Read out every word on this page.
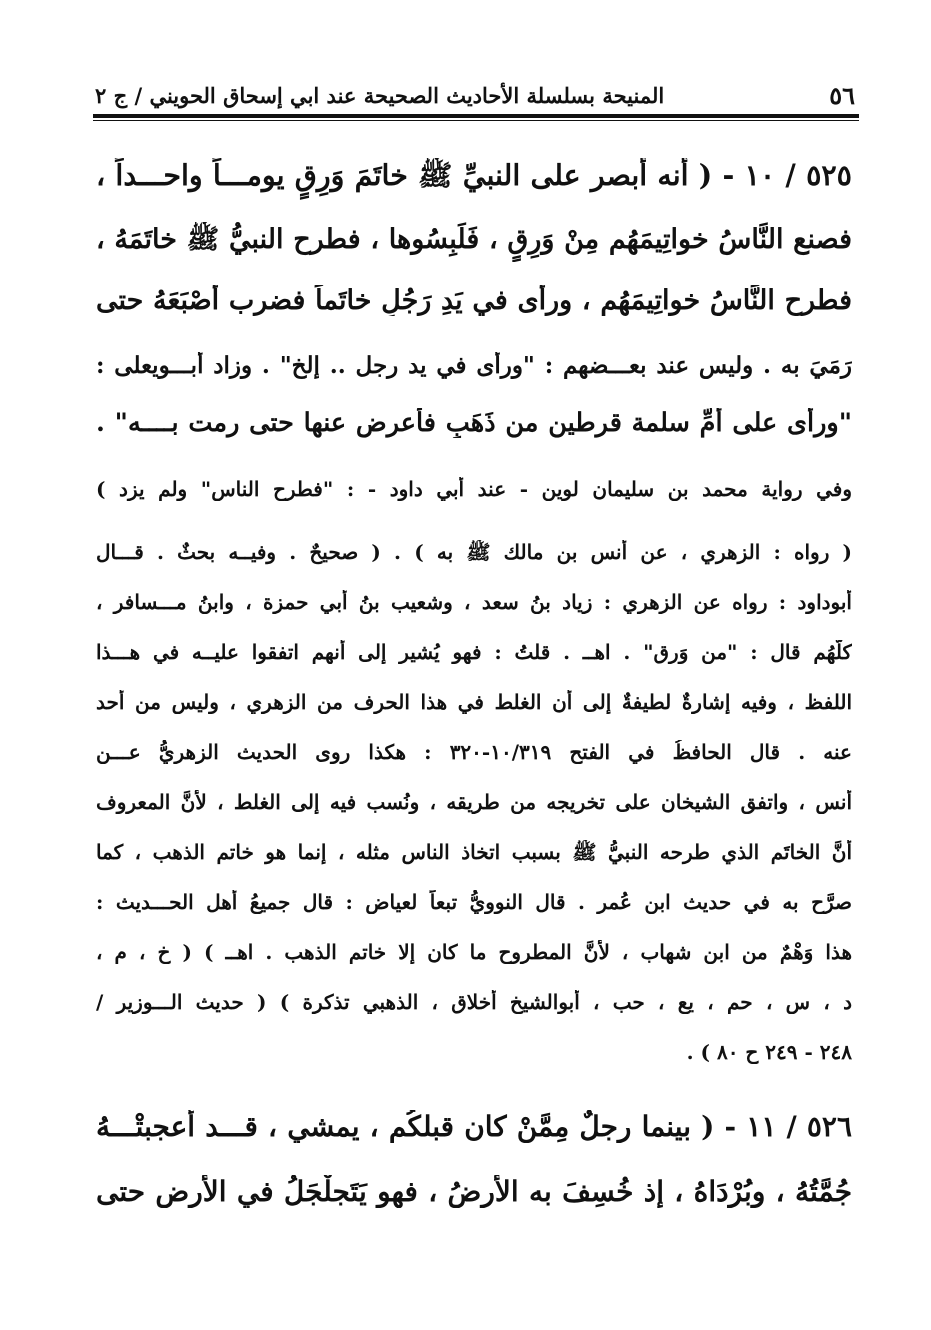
٥٦
المنيحة بسلسلة الأحاديث الصحيحة عند ابي إسحاق الحويني / ج ٢
٥٢٥ / ١٠ - ( أنه أبصر على النبيِّ ﷺ خاتَمَ وَرِقٍ يومـــاً واحـــداً ،
فصنع النَّاسُ خواتِيمَهُم مِنْ وَرِقٍ ، فَلَبِسُوها ، فطرح النبيُّ ﷺ خاتَمَهُ ،
فطرح النَّاسُ خواتِيمَهُم ، ورأى في يَدِ رَجُلٍ خاتَماً فضرب أُصْبَعَهُ حتى
رَمَيَ به . وليس عند بعـــضهم : "ورأى في يد رجل .. إلخ" . وزاد أبـــويعلى :
"ورأى على أمِّ سلمة قرطين من ذَهَبٍ فأعرض عنها حتى رمت بــــه" .
وفي رواية محمد بن سليمان لوين - عند أبي داود - : "فطرح الناس" ولم يزد )
( رواه : الزهري ، عن أنس بن مالك ﷺ به ) . ( صحيحٌ . وفيــه بحثٌ . قـــال
أبوداود : رواه عن الزهري : زياد بنُ سعد ، وشعيب بنُ أبي حمزة ، وابنُ مـــسافر ،
كلُّهُم قال : "من وَرِق" . اهــ . قلتُ : فهو يُشير إلى أُنهم اتفقوا عليــه في هـــذا
اللفظ ، وفيه إشارةٌ لطيفةٌ إلى أن الغلط في هذا الحرف من الزهري ، وليس من أحد
عنه . قال الحافظُ في الفتح ١٠/٣١٩-٣٢٠ : هكذا روى الحديث الزهريُّ عـــن
أنس ، واتفق الشيخان على تخريجه من طريقه ، ونُسب فيه إلى الغلط ، لأنَّ المعروف
أنَّ الخاتَم الذي طرحه النبيُّ ﷺ بسبب اتخاذ الناس مثله ، إنما هو خاتم الذهب ، كما
صرَّح به في حديث ابن عُمر . قال النوويُّ تبعاً لعياض : قال جميعُ أهل الحـــديث :
هذا وَهْمٌ من ابن شهاب ، لأنَّ المطروح ما كان إلا خاتم الذهب . اهــ ) ( خ ، م ،
د ، س ، حم ، يع ، حب ، أبوالشيخ أخلاق ، الذهبي تذكرة ) ( حديث الـــوزير /
٢٤٨ - ٢٤٩ ح ٨٠ ) .
٥٢٦ / ١١ - ( بينما رجلٌ مِمَّنْ كان قبلكُم ، يمشي ، قـــد أعجبتْـــهُ
جُمَّتُهُ ، وبُرْدَاهُ ، إذ خُسِفَ به الأرضُ ، فهو يَتَجلْجَلُ في الأرضِ حتى
